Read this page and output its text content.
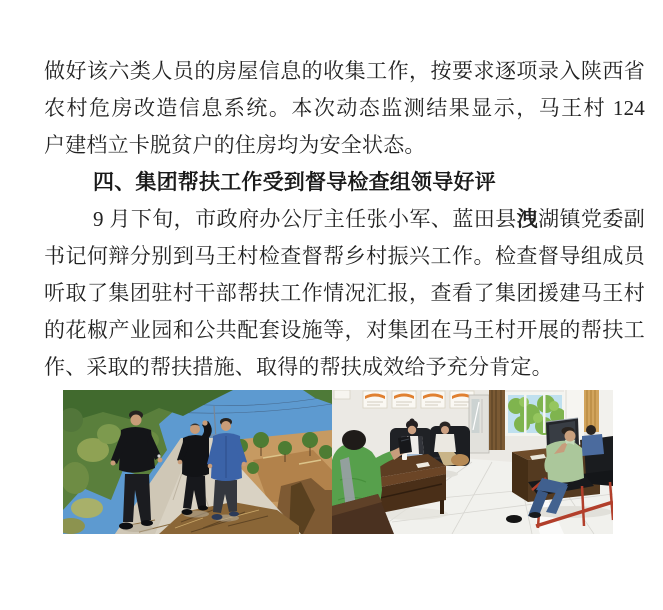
做好该六类人员的房屋信息的收集工作，按要求逐项录入陕西省

农村危房改造信息系统。本次动态监测结果显示，马王村 124

户建档立卡脱贫户的住房均为安全状态。

四、集团帮扶工作受到督导检查组领导好评

9 月下旬，市政府办公厅主任张小军、蓝田县洩湖镇党委副

书记何辩分别到马王村检查督帮乡村振兴工作。检查督导组成员

听取了集团驻村干部帮扶工作情况汇报，查看了集团援建马王村

的花椒产业园和公共配套设施等，对集团在马王村开展的帮扶工

作、采取的帮扶措施、取得的帮扶成效给予充分肯定。
